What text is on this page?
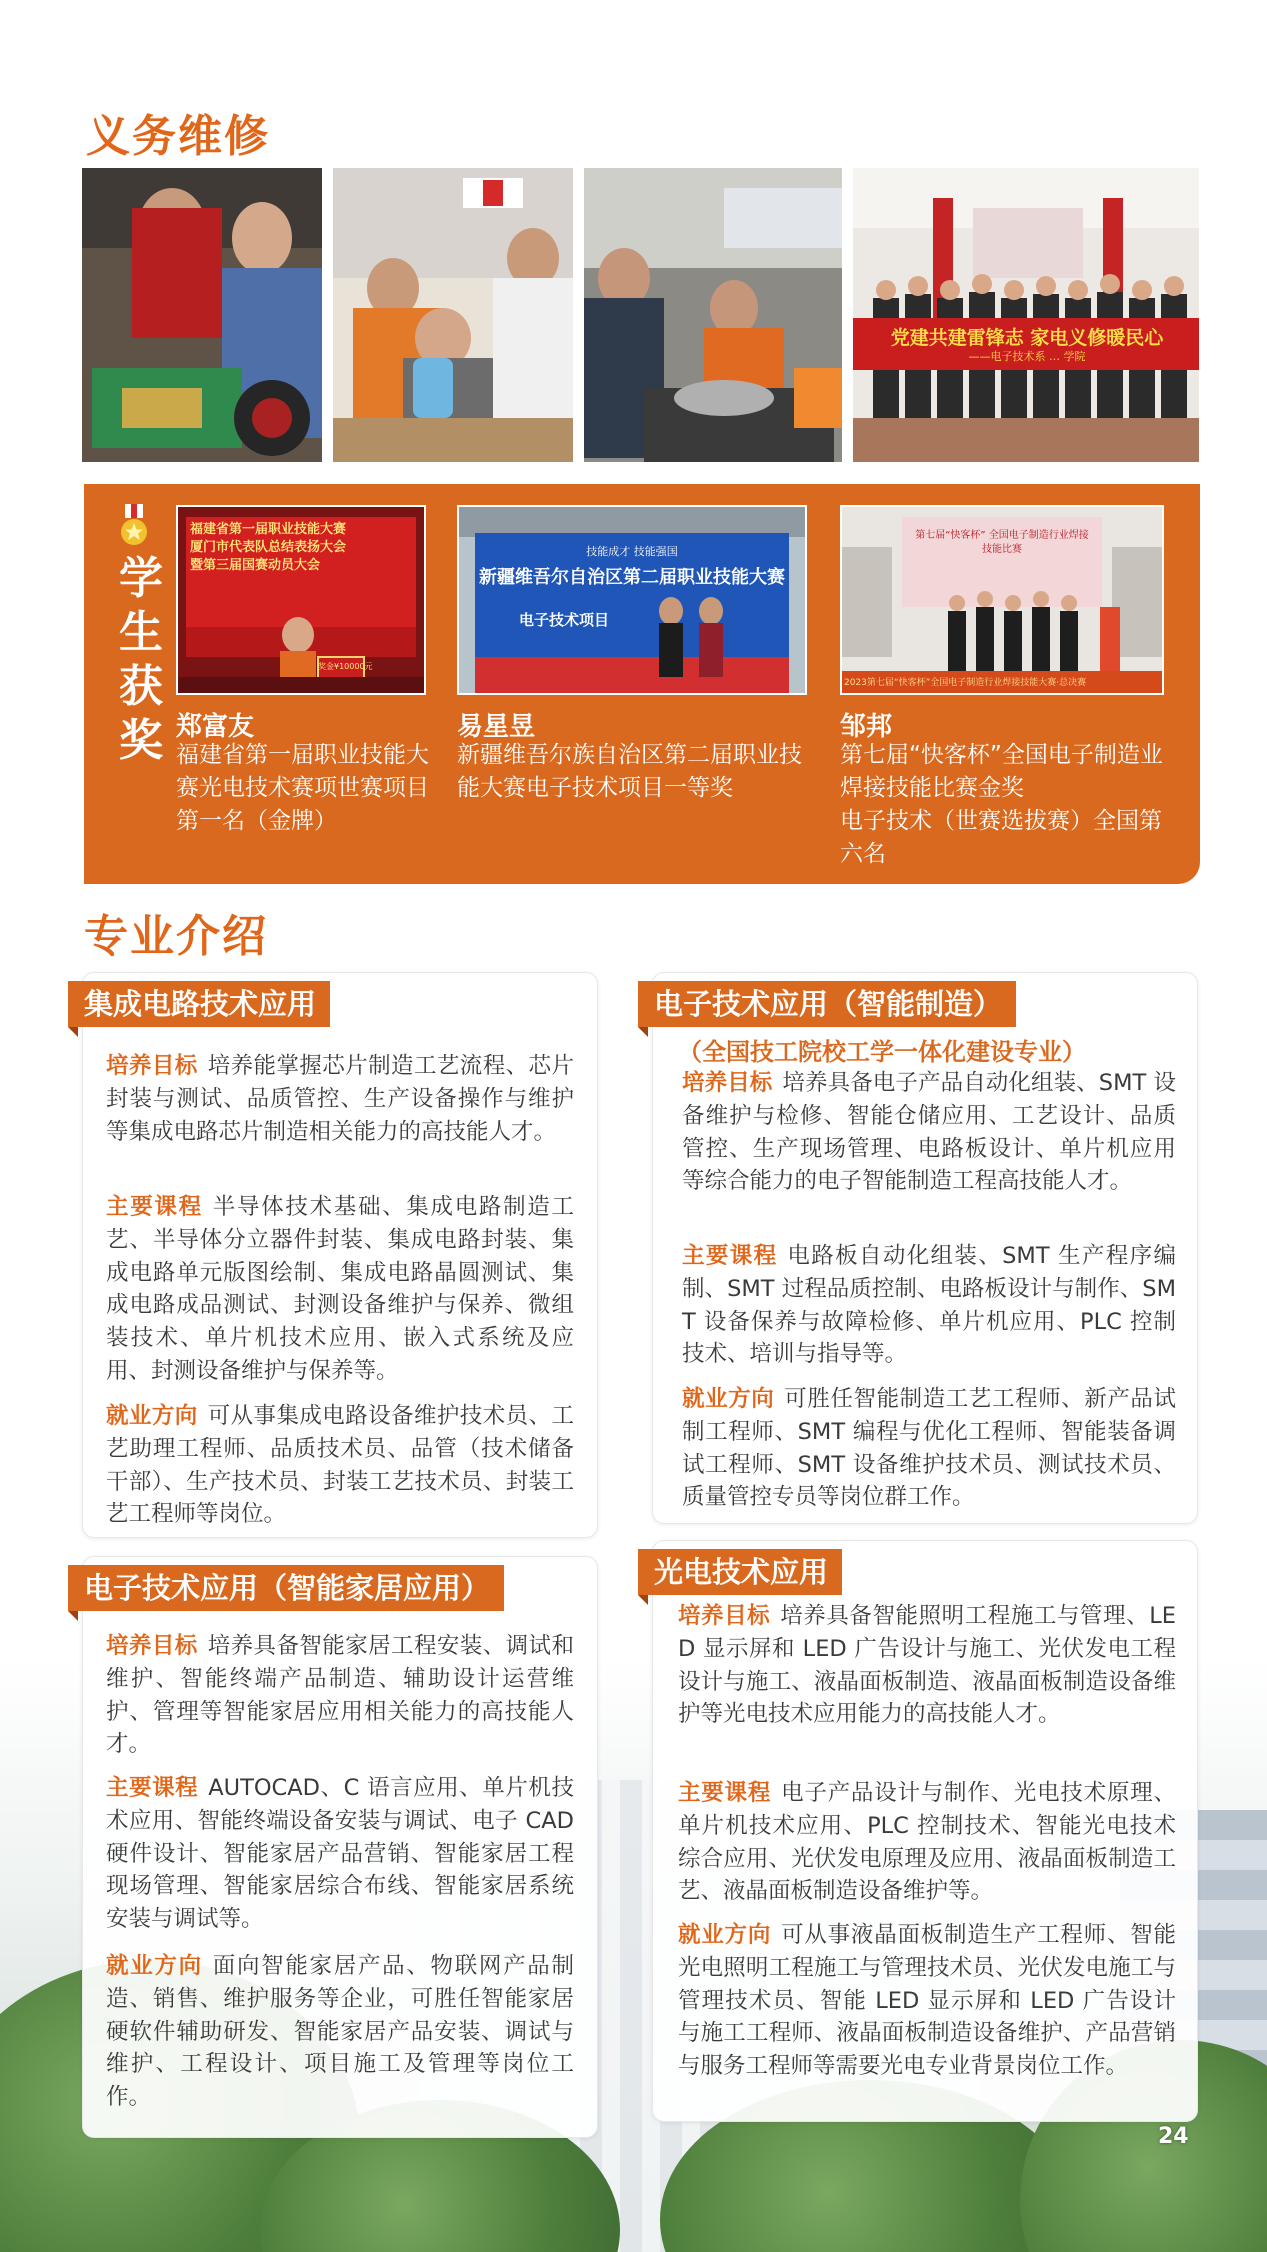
义务维修
党建共建雷锋志 家电义修暖民心
——电子技术系 … 学院
学生获奖
福建省第一届职业技能大赛 厦门市代表队总结表扬大会 暨第三届国赛动员大会
奖金¥10000元

郑富友

福建省第一届职业技能大赛光电技术赛项世赛项目第一名（金牌）

技能成才 技能强国
新疆维吾尔自治区第二届职业技能大赛
电子技术项目

易星昱

新疆维吾尔族自治区第二届职业技能大赛电子技术项目一等奖

第七届“快客杯” 全国电子制造行业焊接技能比赛
2023第七届“快客杯”全国电子制造行业焊接技能大赛·总决赛

邹邦

第七届“快客杯”全国电子制造业焊接技能比赛金奖
电子技术（世赛选拔赛）全国第六名

专业介绍
集成电路技术应用

培养目标 培养能掌握芯片制造工艺流程、芯片封装与测试、品质管控、生产设备操作与维护等集成电路芯片制造相关能力的高技能人才。

主要课程 半导体技术基础、集成电路制造工艺、半导体分立器件封装、集成电路封装、集成电路单元版图绘制、集成电路晶圆测试、集成电路成品测试、封测设备维护与保养、微组装技术、单片机技术应用、嵌入式系统及应用、封测设备维护与保养等。

就业方向 可从事集成电路设备维护技术员、工艺助理工程师、品质技术员、品管（技术储备干部）、生产技术员、封装工艺技术员、封装工艺工程师等岗位。

电子技术应用（智能制造）

（全国技工院校工学一体化建设专业）

培养目标 培养具备电子产品自动化组装、SMT 设备维护与检修、智能仓储应用、工艺设计、品质管控、生产现场管理、电路板设计、单片机应用等综合能力的电子智能制造工程高技能人才。

主要课程 电路板自动化组装、SMT 生产程序编制、SMT 过程品质控制、电路板设计与制作、SMT 设备保养与故障检修、单片机应用、PLC 控制技术、培训与指导等。

就业方向 可胜任智能制造工艺工程师、新产品试制工程师、SMT 编程与优化工程师、智能装备调试工程师、SMT 设备维护技术员、测试技术员、质量管控专员等岗位群工作。

电子技术应用（智能家居应用）

培养目标 培养具备智能家居工程安装、调试和维护、智能终端产品制造、辅助设计运营维护、管理等智能家居应用相关能力的高技能人才。

主要课程 AUTOCAD、C 语言应用、单片机技术应用、智能终端设备安装与调试、电子 CAD 硬件设计、智能家居产品营销、智能家居工程现场管理、智能家居综合布线、智能家居系统安装与调试等。

就业方向 面向智能家居产品、物联网产品制造、销售、维护服务等企业，可胜任智能家居硬软件辅助研发、智能家居产品安装、调试与维护、工程设计、项目施工及管理等岗位工作。

光电技术应用

培养目标 培养具备智能照明工程施工与管理、LED 显示屏和 LED 广告设计与施工、光伏发电工程设计与施工、液晶面板制造、液晶面板制造设备维护等光电技术应用能力的高技能人才。

主要课程 电子产品设计与制作、光电技术原理、单片机技术应用、PLC 控制技术、智能光电技术综合应用、光伏发电原理及应用、液晶面板制造工艺、液晶面板制造设备维护等。

就业方向 可从事液晶面板制造生产工程师、智能光电照明工程施工与管理技术员、光伏发电施工与管理技术员、智能 LED 显示屏和 LED 广告设计与施工工程师、液晶面板制造设备维护、产品营销与服务工程师等需要光电专业背景岗位工作。

24
